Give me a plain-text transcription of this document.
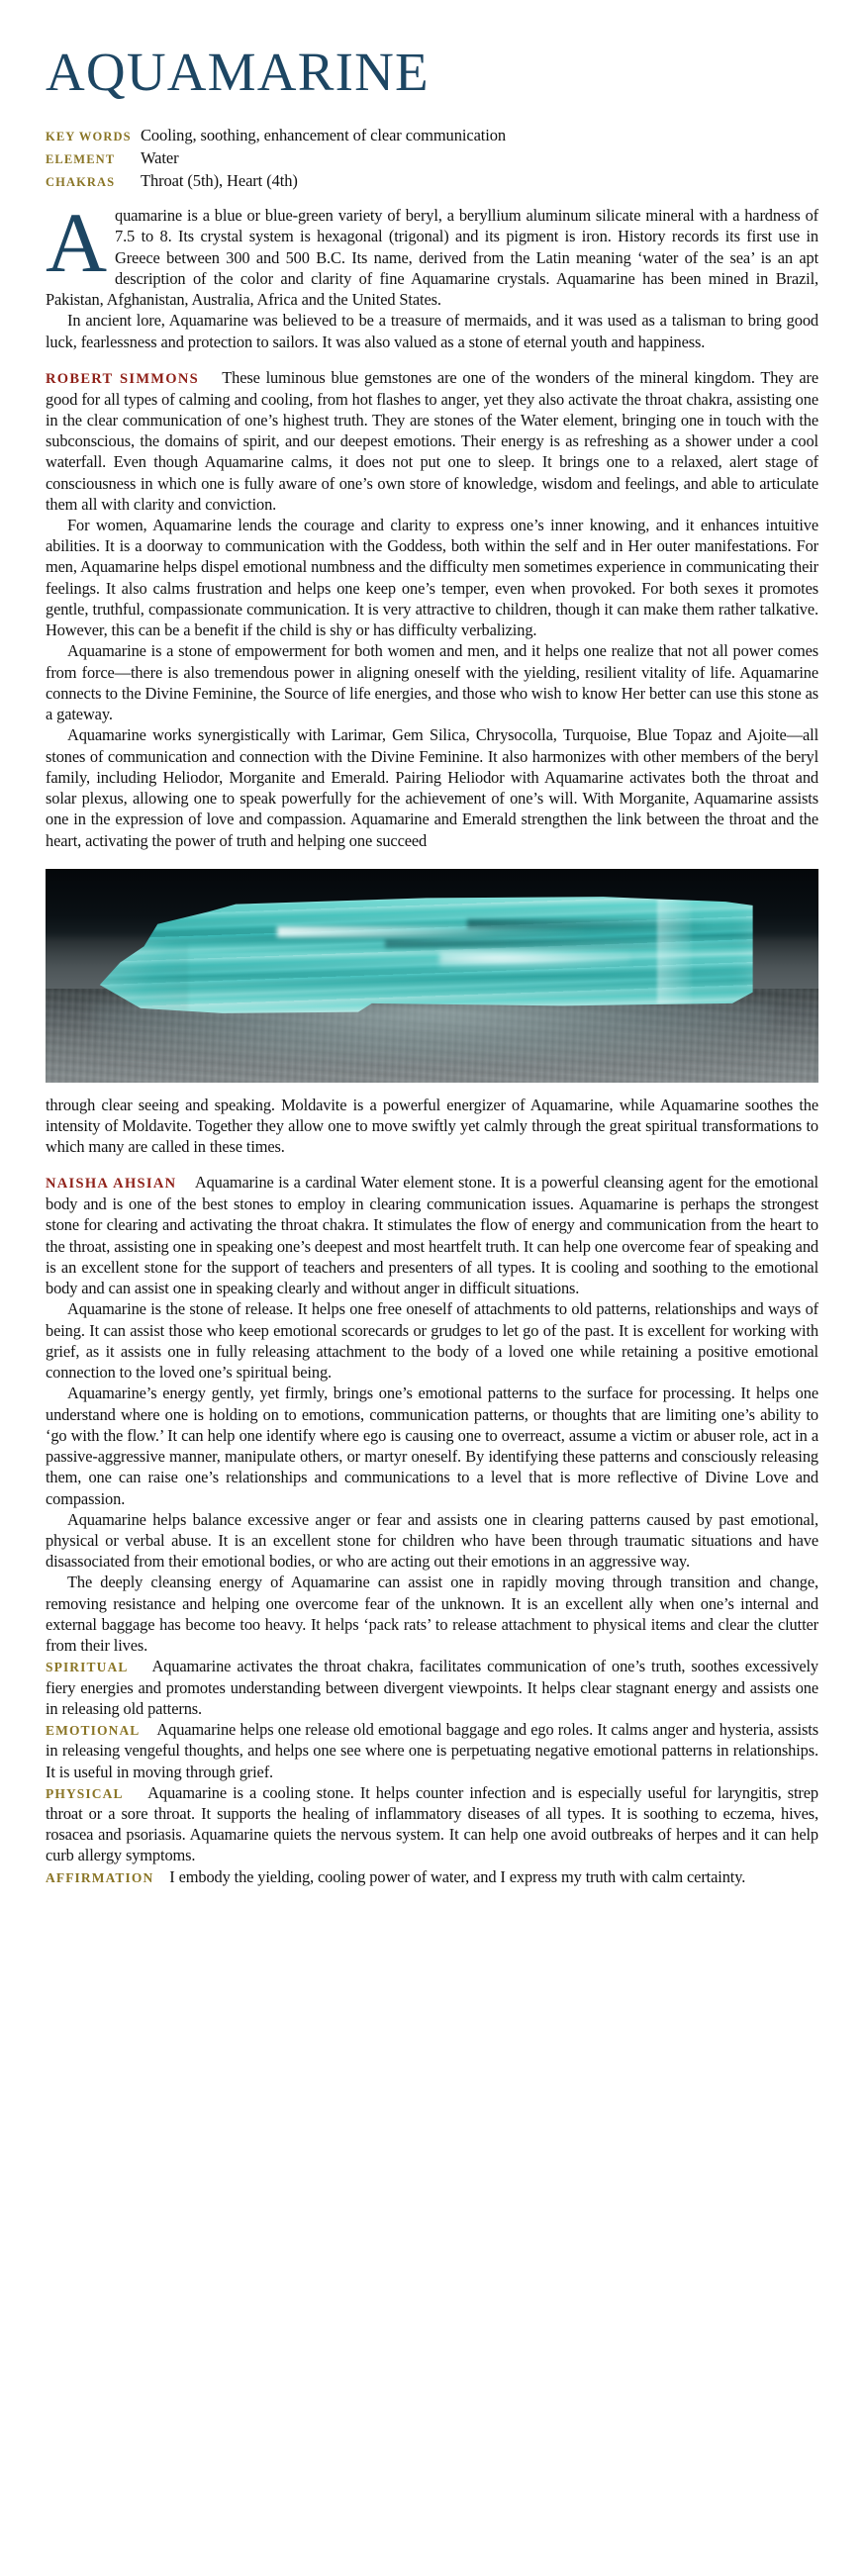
AQUAMARINE
KEY WORDS Cooling, soothing, enhancement of clear communication
ELEMENT	Water
CHAKRAS	Throat (5th), Heart (4th)

Aquamarine is a blue or blue-green variety of beryl, a beryllium aluminum silicate mineral with a hardness of 7.5 to 8. Its crystal system is hexagonal (trigonal) and its pigment is iron. History records its first use in Greece between 300 and 500 B.C. Its name, derived from the Latin meaning ‘water of the sea’ is an apt description of the color and clarity of fine Aquamarine crystals. Aquamarine has been mined in Brazil, Pakistan, Afghanistan, Australia, Africa and the United States.

In ancient lore, Aquamarine was believed to be a treasure of mermaids, and it was used as a talisman to bring good luck, fearlessness and protection to sailors. It was also valued as a stone of eternal youth and happiness.

ROBERT SIMMONS These luminous blue gemstones are one of the wonders of the mineral kingdom. They are good for all types of calming and cooling, from hot flashes to anger, yet they also activate the throat chakra, assisting one in the clear communication of one’s highest truth. They are stones of the Water element, bringing one in touch with the subconscious, the domains of spirit, and our deepest emotions. Their energy is as refreshing as a shower under a cool waterfall. Even though Aquamarine calms, it does not put one to sleep. It brings one to a relaxed, alert stage of consciousness in which one is fully aware of one’s own store of knowledge, wisdom and feelings, and able to articulate them all with clarity and conviction.

For women, Aquamarine lends the courage and clarity to express one’s inner knowing, and it enhances intuitive abilities. It is a doorway to communication with the Goddess, both within the self and in Her outer manifestations. For men, Aquamarine helps dispel emotional numbness and the difficulty men sometimes experience in communicating their feelings. It also calms frustration and helps one keep one’s temper, even when provoked. For both sexes it promotes gentle, truthful, compassionate communication. It is very attractive to children, though it can make them rather talkative. However, this can be a benefit if the child is shy or has difficulty verbalizing.

Aquamarine is a stone of empowerment for both women and men, and it helps one realize that not all power comes from force—there is also tremendous power in aligning oneself with the yielding, resilient vitality of life. Aquamarine connects to the Divine Feminine, the Source of life energies, and those who wish to know Her better can use this stone as a gateway.

Aquamarine works synergistically with Larimar, Gem Silica, Chrysocolla, Turquoise, Blue Topaz and Ajoite—all stones of communication and connection with the Divine Feminine. It also harmonizes with other members of the beryl family, including Heliodor, Morganite and Emerald. Pairing Heliodor with Aquamarine activates both the throat and solar plexus, allowing one to speak powerfully for the achievement of one’s will. With Morganite, Aquamarine assists one in the expression of love and compassion. Aquamarine and Emerald strengthen the link between the throat and the heart, activating the power of truth and helping one succeed

through clear seeing and speaking. Moldavite is a powerful energizer of Aquamarine, while Aquamarine soothes the intensity of Moldavite. Together they allow one to move swiftly yet calmly through the great spiritual transformations to which many are called in these times.

NAISHA AHSIAN Aquamarine is a cardinal Water element stone. It is a powerful cleansing agent for the emotional body and is one of the best stones to employ in clearing communication issues. Aquamarine is perhaps the strongest stone for clearing and activating the throat chakra. It stimulates the flow of energy and communication from the heart to the throat, assisting one in speaking one’s deepest and most heartfelt truth. It can help one overcome fear of speaking and is an excellent stone for the support of teachers and presenters of all types. It is cooling and soothing to the emotional body and can assist one in speaking clearly and without anger in difficult situations.

Aquamarine is the stone of release. It helps one free oneself of attachments to old patterns, relationships and ways of being. It can assist those who keep emotional scorecards or grudges to let go of the past. It is excellent for working with grief, as it assists one in fully releasing attachment to the body of a loved one while retaining a positive emotional connection to the loved one’s spiritual being.

Aquamarine’s energy gently, yet firmly, brings one’s emotional patterns to the surface for processing. It helps one understand where one is holding on to emotions, communication patterns, or thoughts that are limiting one’s ability to ‘go with the flow.’ It can help one identify where ego is causing one to overreact, assume a victim or abuser role, act in a passive-aggressive manner, manipulate others, or martyr oneself. By identifying these patterns and consciously releasing them, one can raise one’s relationships and communications to a level that is more reflective of Divine Love and compassion.

Aquamarine helps balance excessive anger or fear and assists one in clearing patterns caused by past emotional, physical or verbal abuse. It is an excellent stone for children who have been through traumatic situations and have disassociated from their emotional bodies, or who are acting out their emotions in an aggressive way.

The deeply cleansing energy of Aquamarine can assist one in rapidly moving through transition and change, removing resistance and helping one overcome fear of the unknown. It is an excellent ally when one’s internal and external baggage has become too heavy. It helps ‘pack rats’ to release attachment to physical items and clear the clutter from their lives.

SPIRITUAL Aquamarine activates the throat chakra, facilitates communication of one’s truth, soothes excessively fiery energies and promotes understanding between divergent viewpoints. It helps clear stagnant energy and assists one in releasing old patterns.

EMOTIONAL Aquamarine helps one release old emotional baggage and ego roles. It calms anger and hysteria, assists in releasing vengeful thoughts, and helps one see where one is perpetuating negative emotional patterns in relationships. It is useful in moving through grief.

PHYSICAL Aquamarine is a cooling stone. It helps counter infection and is especially useful for laryngitis, strep throat or a sore throat. It supports the healing of inflammatory diseases of all types. It is soothing to eczema, hives, rosacea and psoriasis. Aquamarine quiets the nervous system. It can help one avoid outbreaks of herpes and it can help curb allergy symptoms.

AFFIRMATION I embody the yielding, cooling power of water, and I express my truth with calm certainty.
